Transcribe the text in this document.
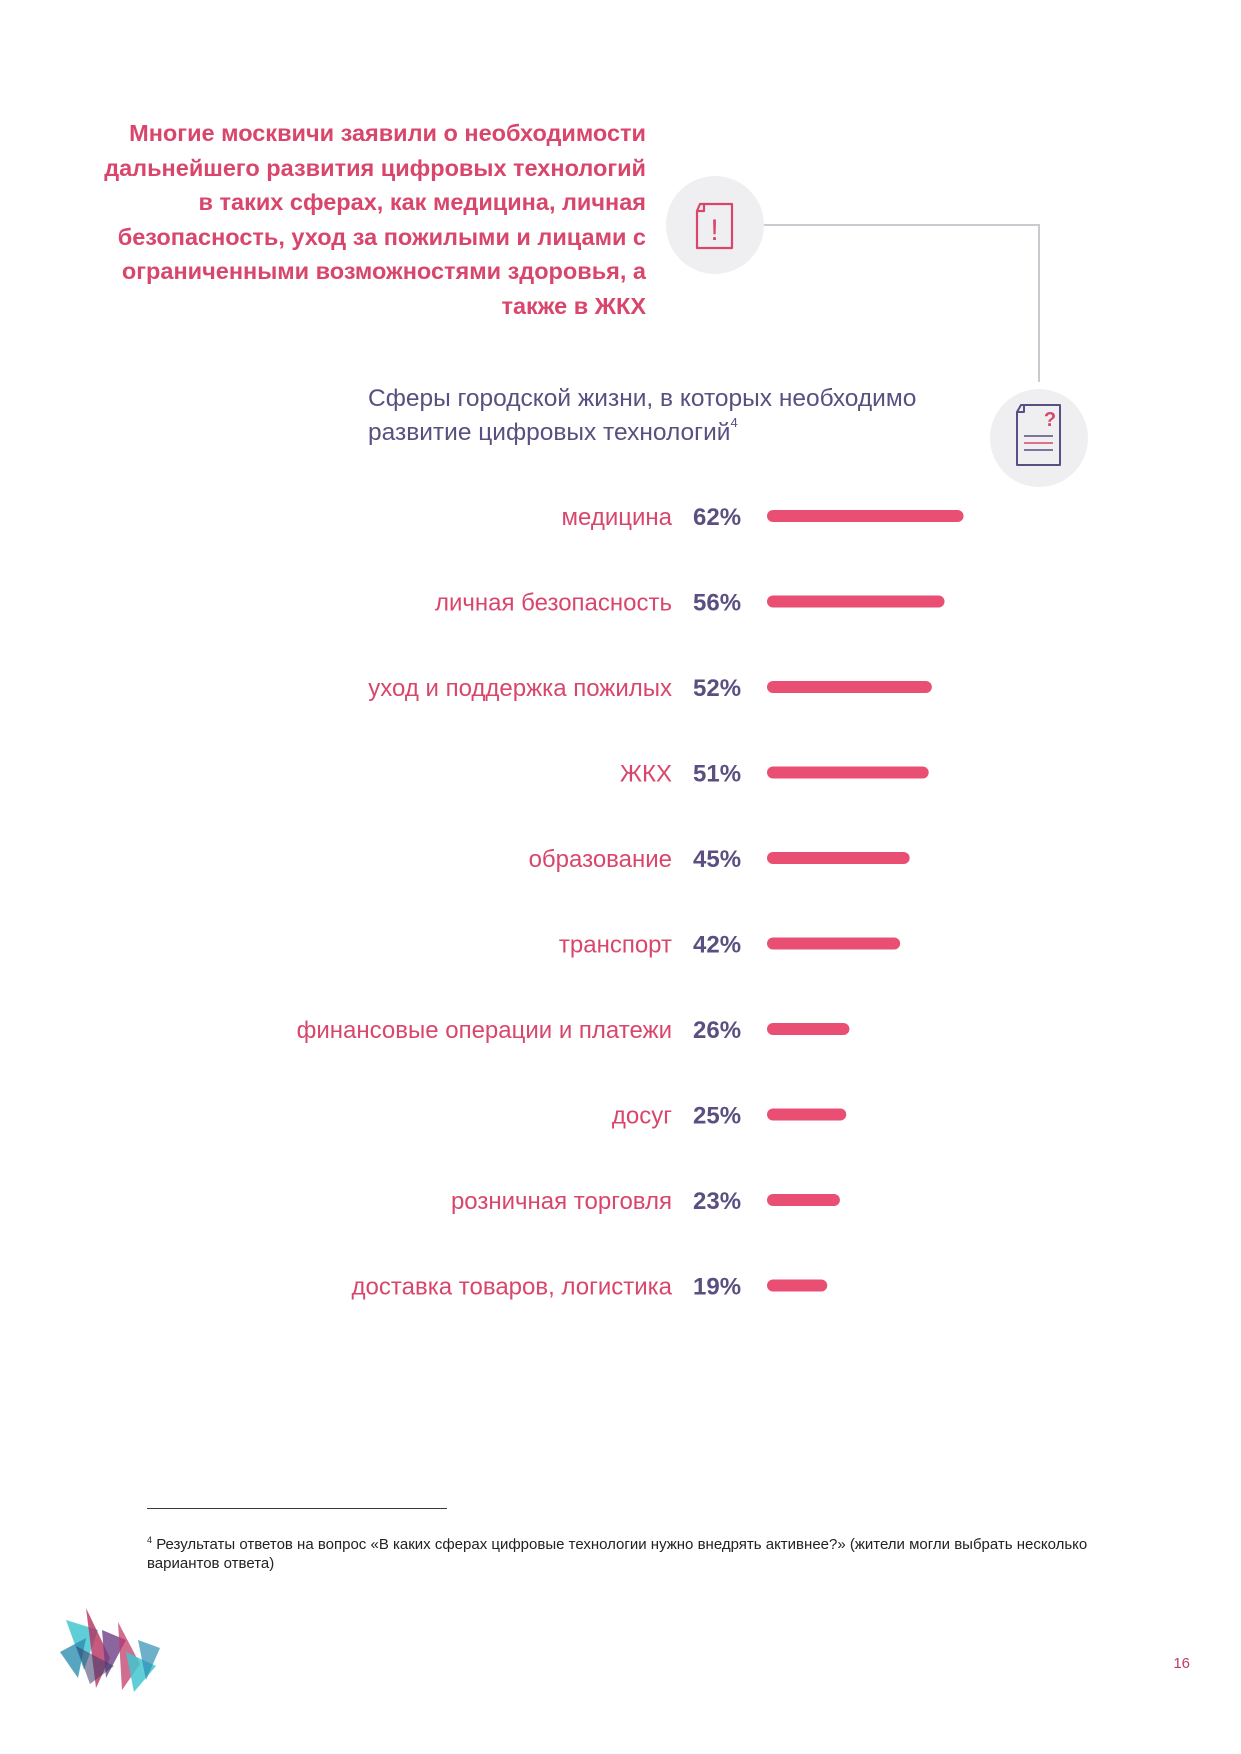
Многие москвичи заявили о необходимости дальнейшего развития цифровых технологий в таких сферах, как медицина, личная безопасность, уход за пожилыми и лицами с ограниченными возможностями здоровья, а также в ЖКХ
!
?
Сферы городской жизни, в которых необходимо развитие цифровых технологий$^4$
медицина 62%
личная безопасность 56%
уход и поддержка пожилых 52%
ЖКХ 51%
образование 45%
транспорт 42%
финансовые операции и платежи 26%
досуг 25%
розничная торговля 23%
доставка товаров, логистика 19%
$^4$ Результаты ответов на вопрос «В каких сферах цифровые технологии нужно внедрять активнее?» (жители могли выбрать несколько вариантов ответа)
16
